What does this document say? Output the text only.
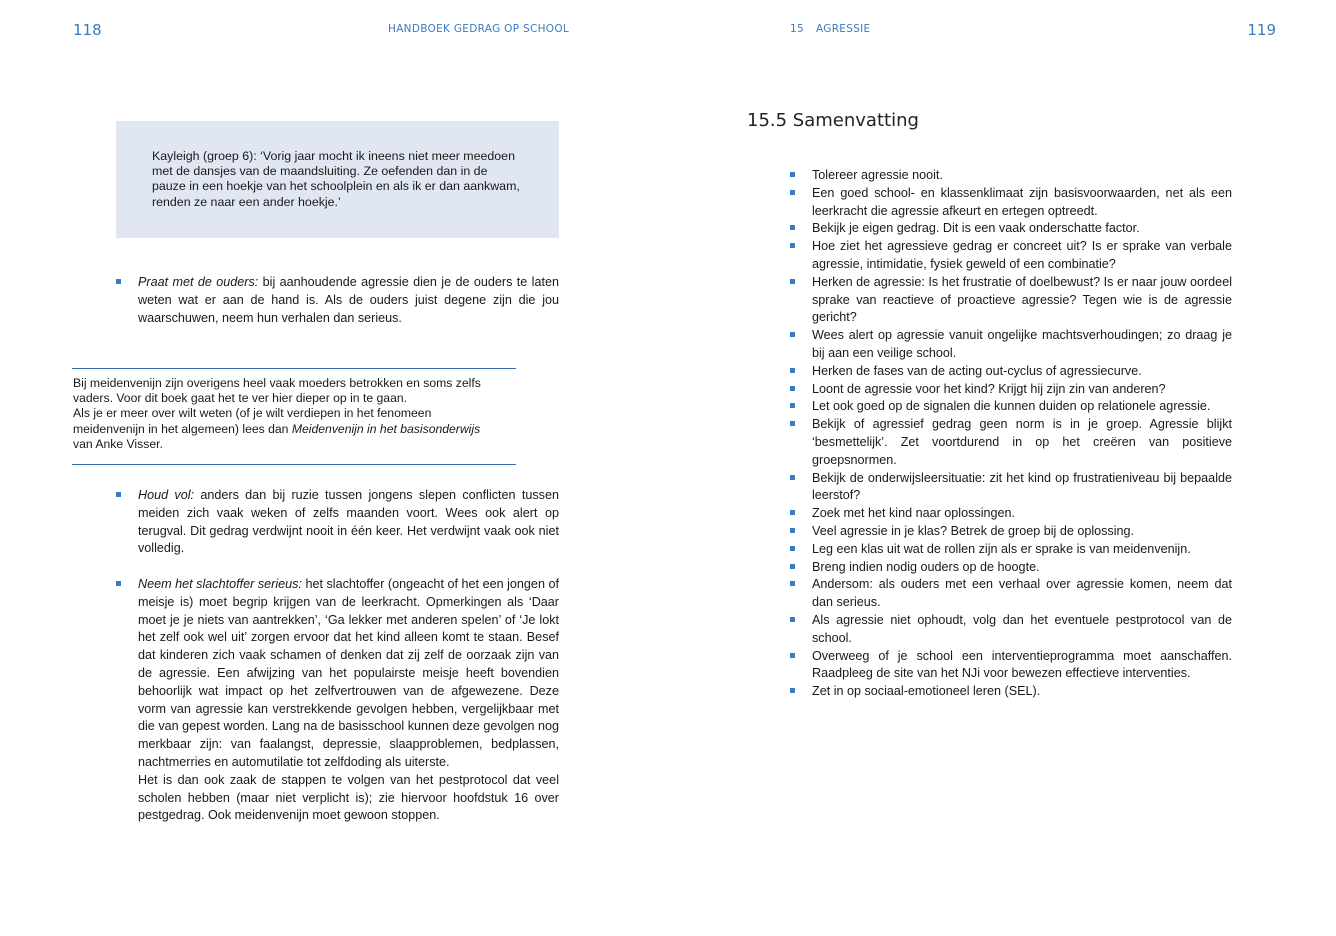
118	HANDBOEK GEDRAG OP SCHOOL	15 AGRESSIE	119

Kayleigh (groep 6): ‘Vorig jaar mocht ik ineens niet meer meedoen met de dansjes van de maandsluiting. Ze oefenden dan in de pauze in een hoekje van het schoolplein en als ik er dan aankwam, renden ze naar een ander hoekje.’

Praat met de ouders: bij aanhoudende agressie dien je de ouders te laten weten wat er aan de hand is. Als de ouders juist degene zijn die jou waarschuwen, neem hun verhalen dan serieus.

Bij meidenvenijn zijn overigens heel vaak moeders betrokken en soms zelfs vaders. Voor dit boek gaat het te ver hier dieper op in te gaan.

Als je er meer over wilt weten (of je wilt verdiepen in het fenomeen meidenvenijn in het algemeen) lees dan Meidenvenijn in het basisonderwijs van Anke Visser.

Houd vol: anders dan bij ruzie tussen jongens slepen conflicten tussen meiden zich vaak weken of zelfs maanden voort. Wees ook alert op terugval. Dit gedrag verdwijnt nooit in één keer. Het verdwijnt vaak ook niet volledig.
Neem het slachtoffer serieus: het slachtoffer (ongeacht of het een jongen of meisje is) moet begrip krijgen van de leerkracht. Opmerkingen als ‘Daar moet je je niets van aantrekken’, ‘Ga lekker met anderen spelen’ of ‘Je lokt het zelf ook wel uit’ zorgen ervoor dat het kind alleen komt te staan. Besef dat kinderen zich vaak schamen of denken dat zij zelf de oorzaak zijn van de agressie. Een afwijzing van het populairste meisje heeft bovendien behoorlijk wat impact op het zelfvertrouwen van de afgewezene. Deze vorm van agressie kan verstrekkende gevolgen hebben, vergelijkbaar met die van gepest worden. Lang na de basisschool kunnen deze gevolgen nog merkbaar zijn: van faalangst, depressie, slaapproblemen, bedplassen, nachtmerries en automutilatie tot zelfdoding als uiterste.
Het is dan ook zaak de stappen te volgen van het pestprotocol dat veel scholen hebben (maar niet verplicht is); zie hiervoor hoofdstuk 16 over pestgedrag. Ook meidenvenijn moet gewoon stoppen.
15.5 Samenvatting
Tolereer agressie nooit.
Een goed school- en klassenklimaat zijn basisvoorwaarden, net als een leerkracht die agressie afkeurt en ertegen optreedt.
Bekijk je eigen gedrag. Dit is een vaak onderschatte factor.
Hoe ziet het agressieve gedrag er concreet uit? Is er sprake van verbale agressie, intimidatie, fysiek geweld of een combinatie?
Herken de agressie: Is het frustratie of doelbewust? Is er naar jouw oordeel sprake van reactieve of proactieve agressie? Tegen wie is de agressie gericht?
Wees alert op agressie vanuit ongelijke machtsverhoudingen; zo draag je bij aan een veilige school.
Herken de fases van de acting out-cyclus of agressiecurve.
Loont de agressie voor het kind? Krijgt hij zijn zin van anderen?
Let ook goed op de signalen die kunnen duiden op relationele agressie.
Bekijk of agressief gedrag geen norm is in je groep. Agressie blijkt ‘besmettelijk’. Zet voortdurend in op het creëren van positieve groepsnormen.
Bekijk de onderwijsleersituatie: zit het kind op frustratieniveau bij bepaalde leerstof?
Zoek met het kind naar oplossingen.
Veel agressie in je klas? Betrek de groep bij de oplossing.
Leg een klas uit wat de rollen zijn als er sprake is van meidenvenijn.
Breng indien nodig ouders op de hoogte.
Andersom: als ouders met een verhaal over agressie komen, neem dat dan serieus.
Als agressie niet ophoudt, volg dan het eventuele pestprotocol van de school.
Overweeg of je school een interventieprogramma moet aanschaffen. Raadpleeg de site van het NJi voor bewezen effectieve interventies.
Zet in op sociaal-emotioneel leren (SEL).
